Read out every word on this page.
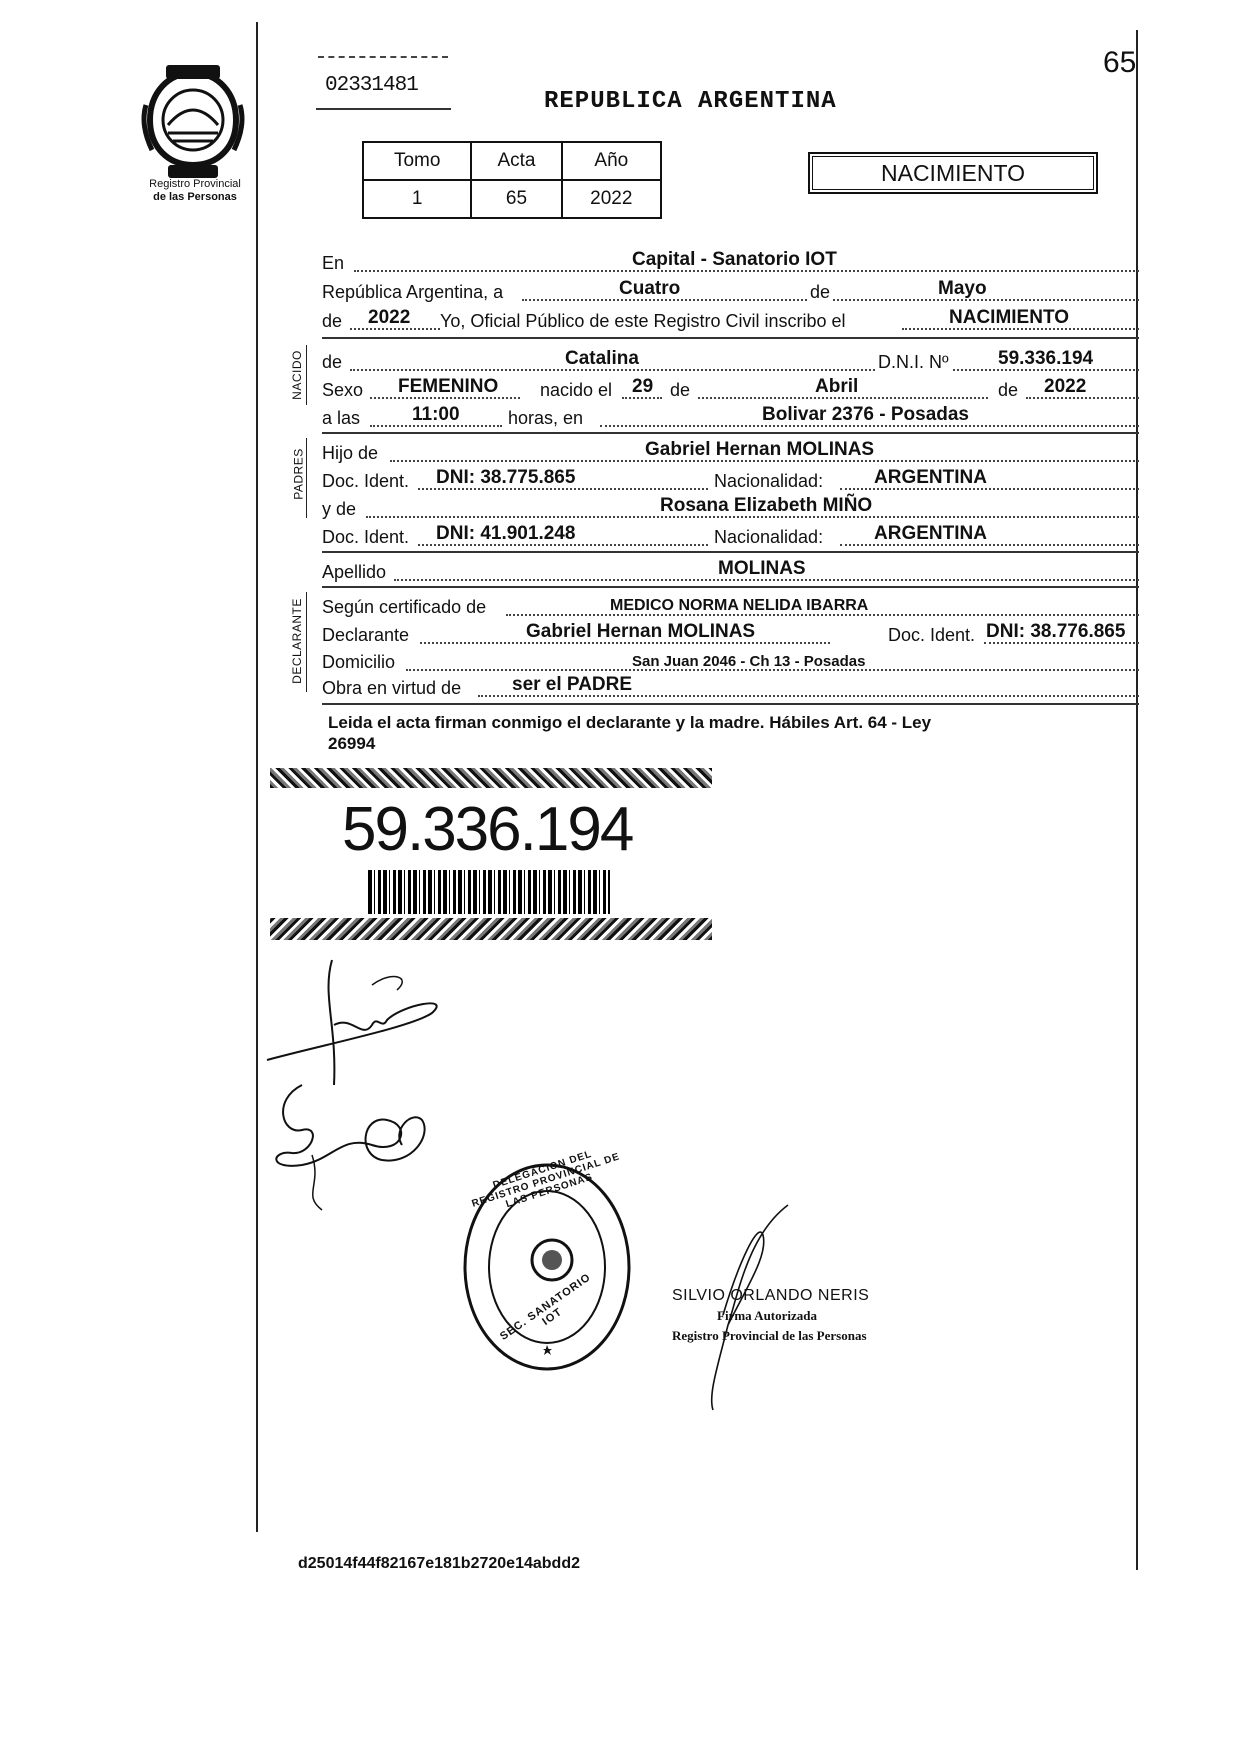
Registro Provincial
de las Personas
02331481
REPUBLICA ARGENTINA
65
Tomo	Acta	Año
1	65	2022
NACIMIENTO
En	Capital - Sanatorio IOT
República Argentina, a	Cuatro	de	Mayo
de 2022 Yo, Oficial Público de este Registro Civil inscribo el	NACIMIENTO
NACIDO de	Catalina	D.N.I. Nº	59.336.194
Sexo FEMENINO nacido el 29 de	Abril	de 2022
a las	11:00	horas, en	Bolivar 2376 - Posadas
PADRES Hijo de	Gabriel Hernan MOLINAS
Doc. Ident. DNI: 38.775.865	Nacionalidad:	ARGENTINA
y de	Rosana Elizabeth MIÑO
Doc. Ident. DNI: 41.901.248	Nacionalidad:	ARGENTINA
Apellido	MOLINAS
DECLARANTE Según certificado de	MEDICO NORMA NELIDA IBARRA
Declarante	Gabriel Hernan MOLINAS	Doc. Ident. DNI: 38.776.865
Domicilio	San Juan 2046 - Ch 13 - Posadas
Obra en virtud de	ser el PADRE
Leida el acta firman conmigo el declarante y la madre. Hábiles Art. 64 - Ley
26994
59.336.194
DELEGACION DEL REGISTRO PROVINCIAL DE LAS PERSONAS
SEC. SANATORIO IOT
SILVIO ORLANDO NERIS
Firma Autorizada
Registro Provincial de las Personas
d25014f44f82167e181b2720e14abdd2
